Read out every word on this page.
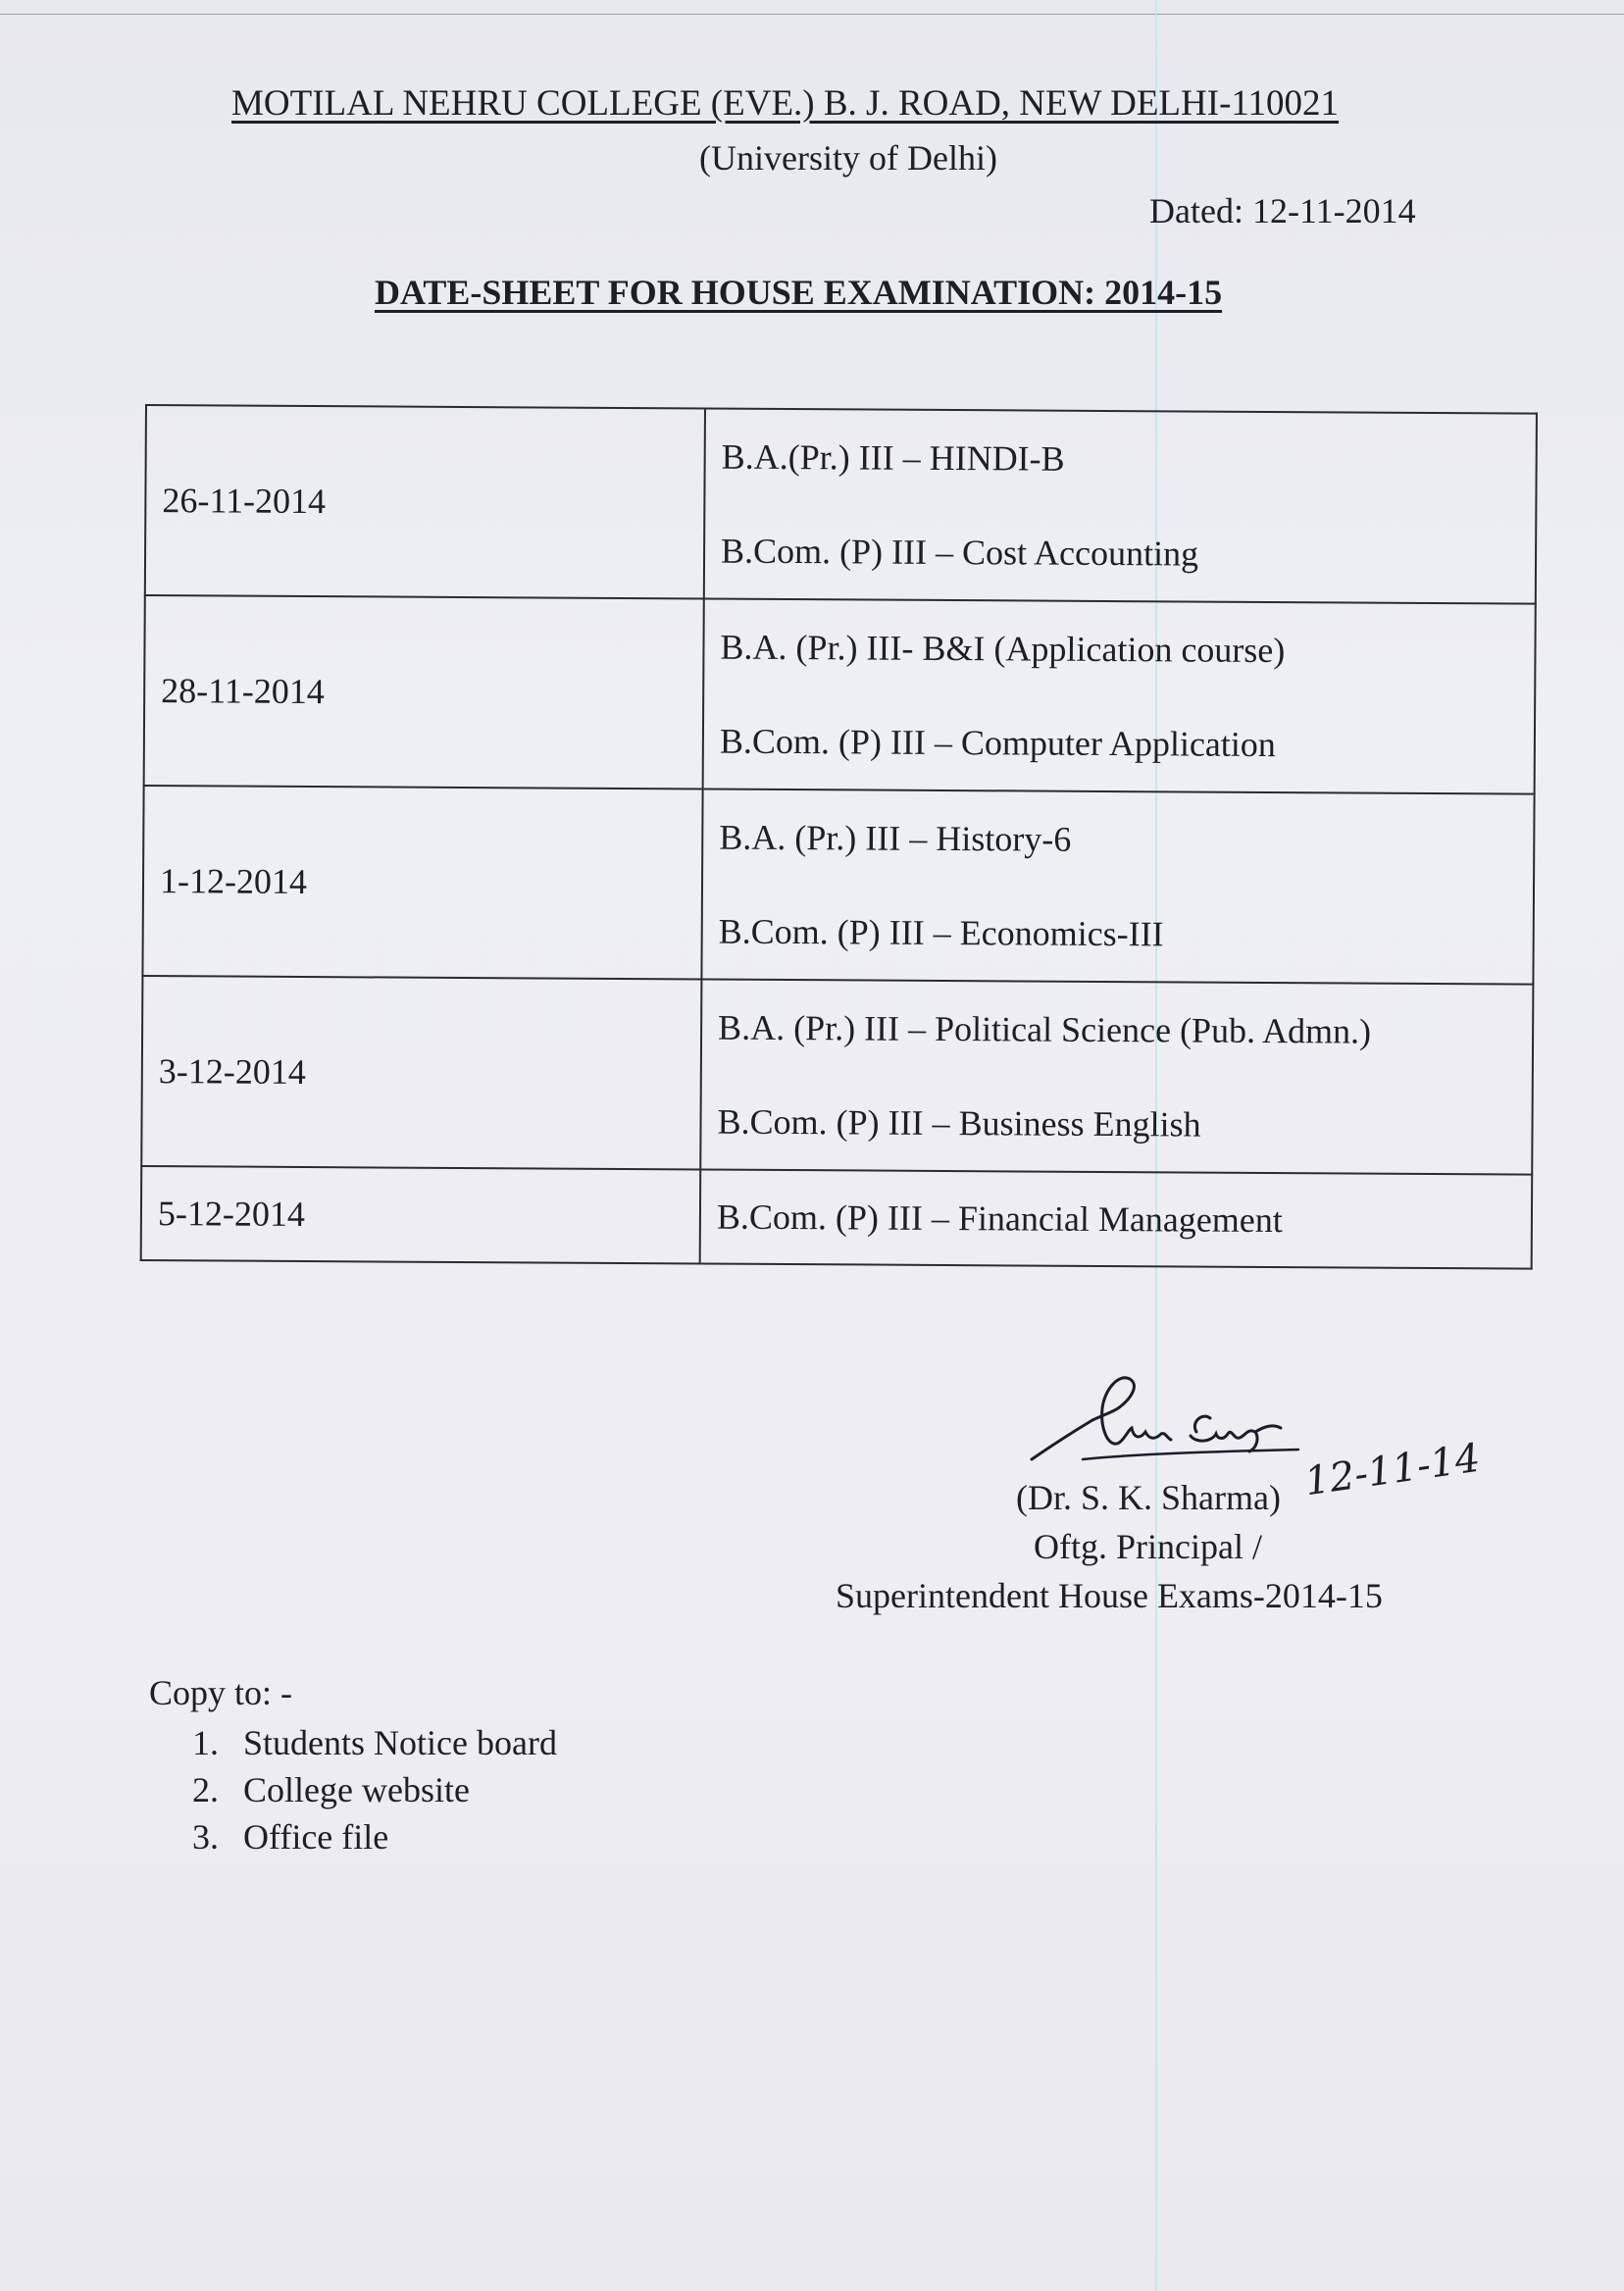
MOTILAL NEHRU COLLEGE (EVE.) B. J. ROAD, NEW DELHI-110021
(University of Delhi)
Dated: 12-11-2014
DATE-SHEET FOR HOUSE EXAMINATION: 2014-15
26-11-2014	B.A.(Pr.) III – HINDI-B
B.Com. (P) III – Cost Accounting

28-11-2014	B.A. (Pr.) III- B&I (Application course)
B.Com. (P) III – Computer Application

1-12-2014	B.A. (Pr.) III – History-6
B.Com. (P) III – Economics-III

3-12-2014	B.A. (Pr.) III – Political Science (Pub. Admn.)
B.Com. (P) III – Business English

5-12-2014	B.Com. (P) III – Financial Management
(Dr. S. K. Sharma) 12-11-14
Oftg. Principal /
Superintendent House Exams-2014-15
Copy to: -
1. Students Notice board
2. College website
3. Office file
